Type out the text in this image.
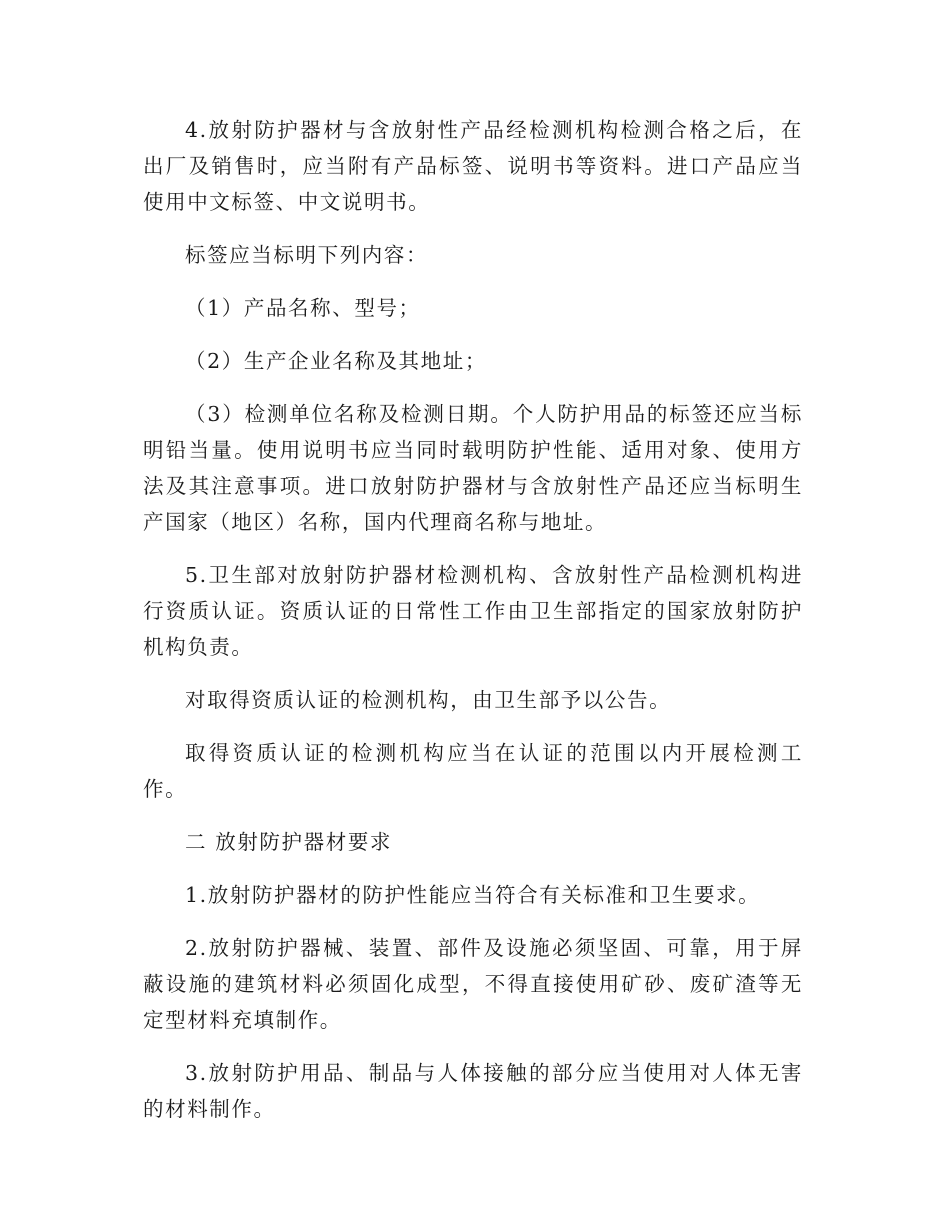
4.放射防护器材与含放射性产品经检测机构检测合格之后，在出厂及销售时，应当附有产品标签、说明书等资料。进口产品应当使用中文标签、中文说明书。

标签应当标明下列内容：

（1）产品名称、型号；

（2）生产企业名称及其地址；

（3）检测单位名称及检测日期。个人防护用品的标签还应当标明铅当量。使用说明书应当同时载明防护性能、适用对象、使用方法及其注意事项。进口放射防护器材与含放射性产品还应当标明生产国家（地区）名称，国内代理商名称与地址。

5.卫生部对放射防护器材检测机构、含放射性产品检测机构进行资质认证。资质认证的日常性工作由卫生部指定的国家放射防护机构负责。

对取得资质认证的检测机构，由卫生部予以公告。

取得资质认证的检测机构应当在认证的范围以内开展检测工作。

二 放射防护器材要求

1.放射防护器材的防护性能应当符合有关标准和卫生要求。

2.放射防护器械、装置、部件及设施必须坚固、可靠，用于屏蔽设施的建筑材料必须固化成型，不得直接使用矿砂、废矿渣等无定型材料充填制作。

3.放射防护用品、制品与人体接触的部分应当使用对人体无害的材料制作。
